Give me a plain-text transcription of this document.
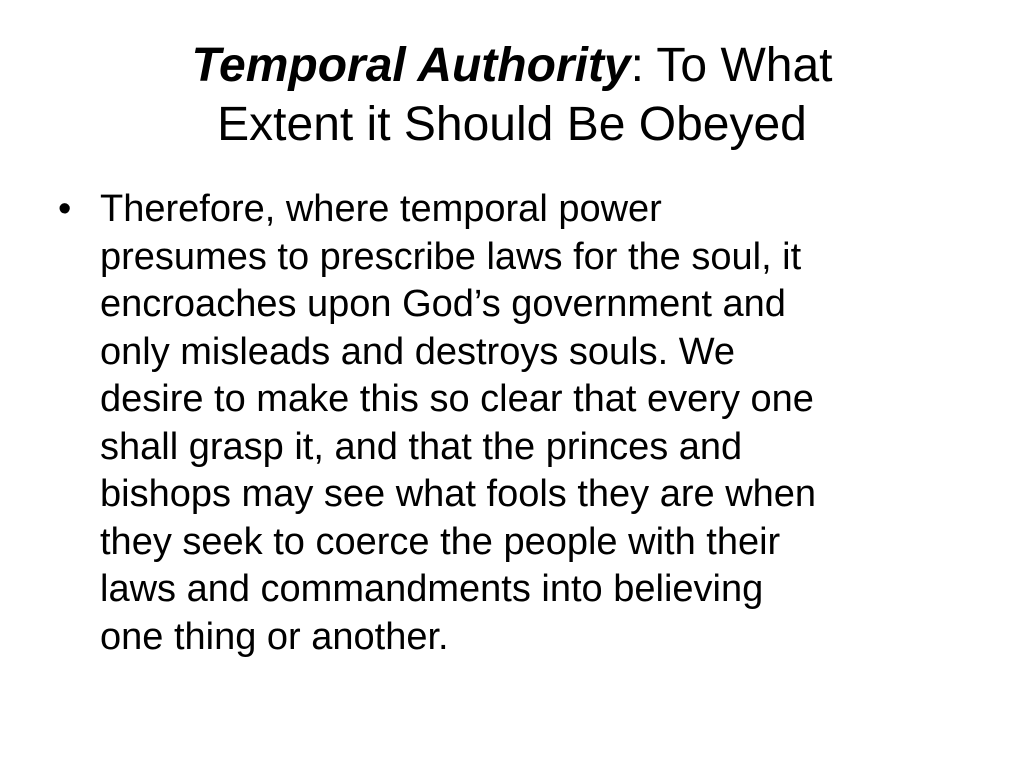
Temporal Authority: To What
Extent it Should Be Obeyed
• Therefore, where temporal power
presumes to prescribe laws for the soul, it
encroaches upon God’s government and
only misleads and destroys souls. We
desire to make this so clear that every one
shall grasp it, and that the princes and
bishops may see what fools they are when
they seek to coerce the people with their
laws and commandments into believing
one thing or another.
